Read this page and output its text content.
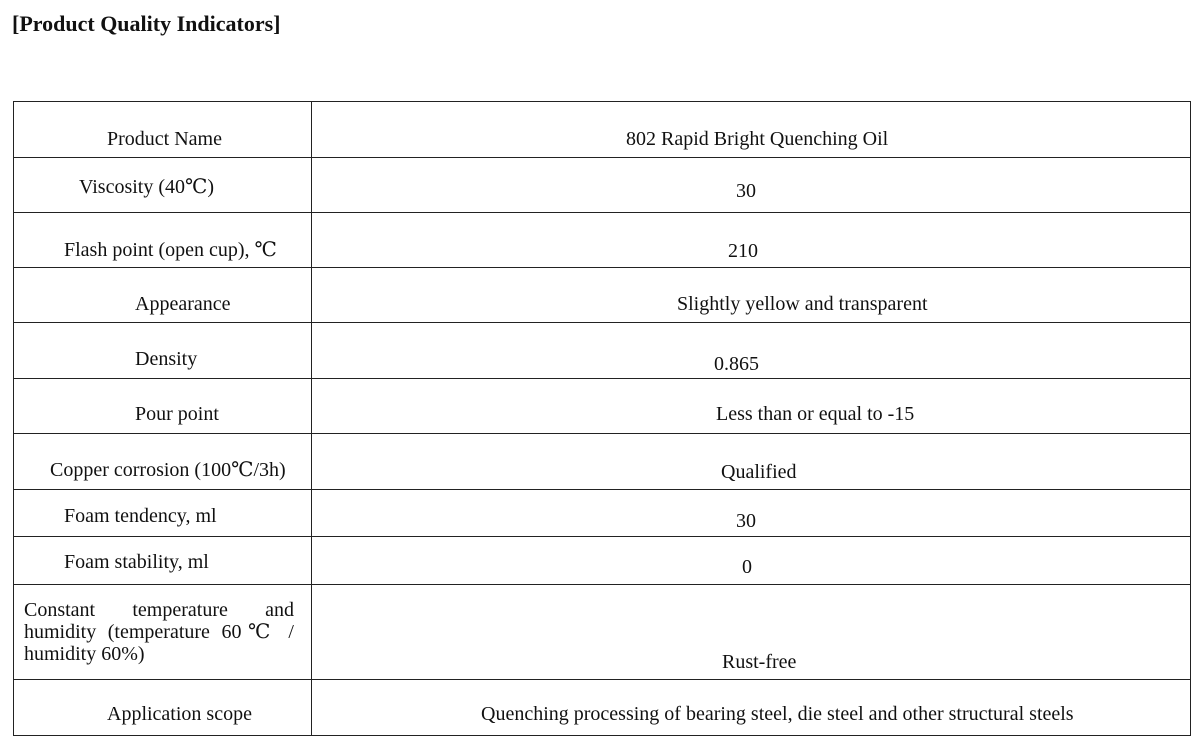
[Product Quality Indicators]
Product Name	802 Rapid Bright Quenching Oil

Viscosity (40℃)	30

Flash point (open cup), ℃	210

Appearance	Slightly yellow and transparent

Density	0.865

Pour point	Less than or equal to -15

Copper corrosion (100℃/3h)	Qualified

Foam tendency, ml	30

Foam stability, ml	0

Constant temperature and humidity (temperature 60℃ / humidity 60%)	Rust-free

Application scope	Quenching processing of bearing steel, die steel and other structural steels
